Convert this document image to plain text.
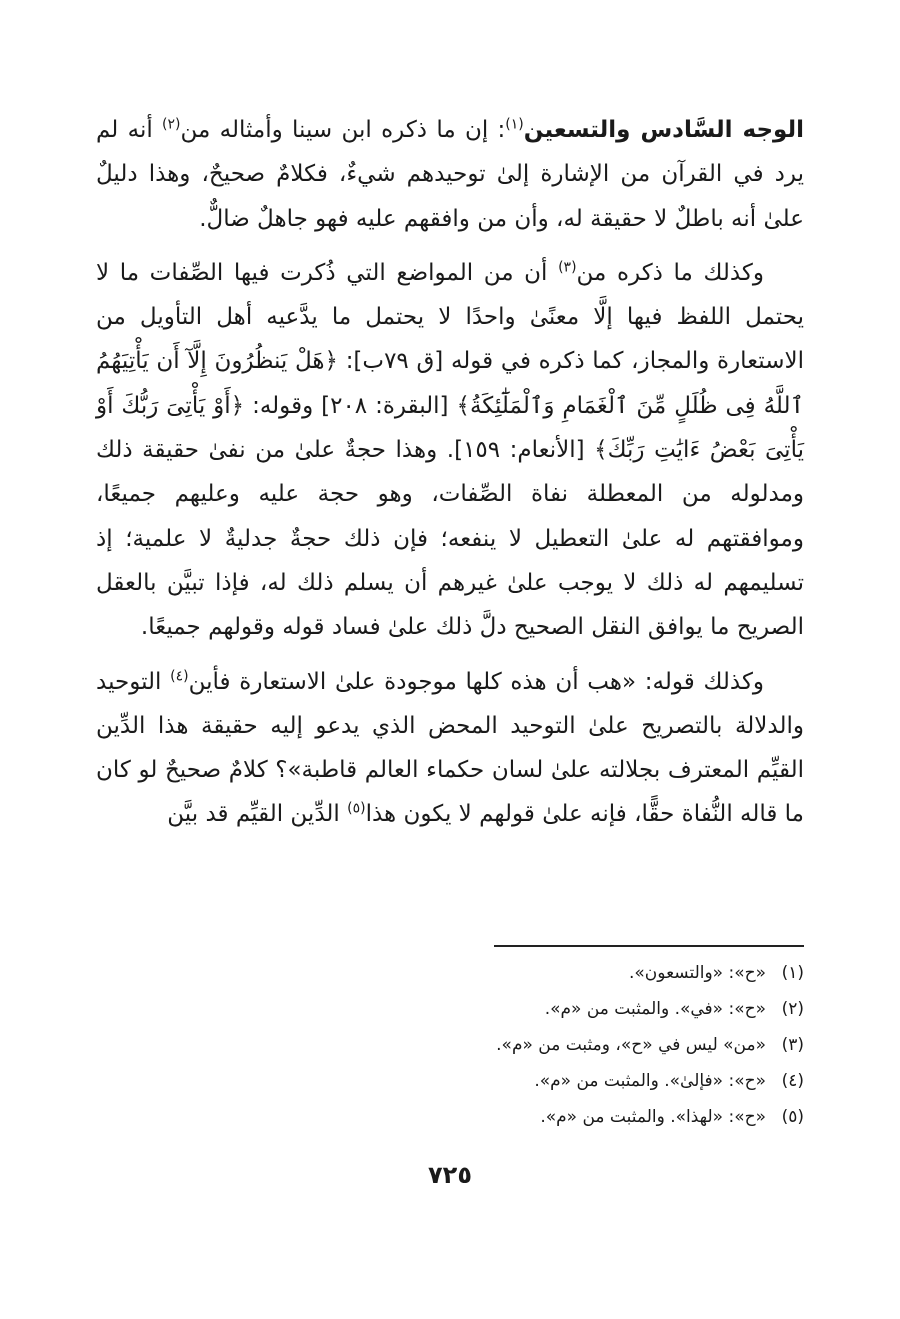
الوجه السَّادس والتسعين$^{(١)}$: إن ما ذكره ابن سينا وأمثاله من$^{(٢)}$ أنه لم يرد في القرآن من الإشارة إلىٰ توحيدهم شيءٌ، فكلامٌ صحيحٌ، وهذا دليلٌ علىٰ أنه باطلٌ لا حقيقة له، وأن من وافقهم عليه فهو جاهلٌ ضالٌّ.

وكذلك ما ذكره من$^{(٣)}$ أن من المواضع التي ذُكرت فيها الصِّفات ما لا يحتمل اللفظ فيها إلَّا معنًىٰ واحدًا لا يحتمل ما يدَّعيه أهل التأويل من الاستعارة والمجاز، كما ذكره في قوله [ق ٧٩ب]: ﴿هَلْ يَنظُرُونَ إِلَّآ أَن يَأْتِيَهُمُ ٱللَّهُ فِى ظُلَلٍ مِّنَ ٱلْغَمَامِ وَٱلْمَلَٰٓئِكَةُ﴾ [البقرة: ٢٠٨] وقوله: ﴿أَوْ يَأْتِىَ رَبُّكَ أَوْ يَأْتِىَ بَعْضُ ءَايَٰتِ رَبِّكَ﴾ [الأنعام: ١٥٩]. وهذا حجةٌ علىٰ من نفىٰ حقيقة ذلك ومدلوله من المعطلة نفاة الصِّفات، وهو حجة عليه وعليهم جميعًا، وموافقتهم له علىٰ التعطيل لا ينفعه؛ فإن ذلك حجةٌ جدليةٌ لا علمية؛ إذ تسليمهم له ذلك لا يوجب علىٰ غيرهم أن يسلم ذلك له، فإذا تبيَّن بالعقل الصريح ما يوافق النقل الصحيح دلَّ ذلك علىٰ فساد قوله وقولهم جميعًا.

وكذلك قوله: «هب أن هذه كلها موجودة علىٰ الاستعارة فأين$^{(٤)}$ التوحيد والدلالة بالتصريح علىٰ التوحيد المحض الذي يدعو إليه حقيقة هذا الدِّين القيِّم المعترف بجلالته علىٰ لسان حكماء العالم قاطبة»؟ كلامٌ صحيحٌ لو كان ما قاله النُّفاة حقًّا، فإنه علىٰ قولهم لا يكون هذا$^{(٥)}$ الدِّين القيِّم قد بيَّن

(١)«ح»: «والتسعون».
(٢)«ح»: «في». والمثبت من «م».
(٣)«من» ليس في «ح»، ومثبت من «م».
(٤)«ح»: «فإلىٰ». والمثبت من «م».
(٥)«ح»: «لهذا». والمثبت من «م».
٧٢٥
